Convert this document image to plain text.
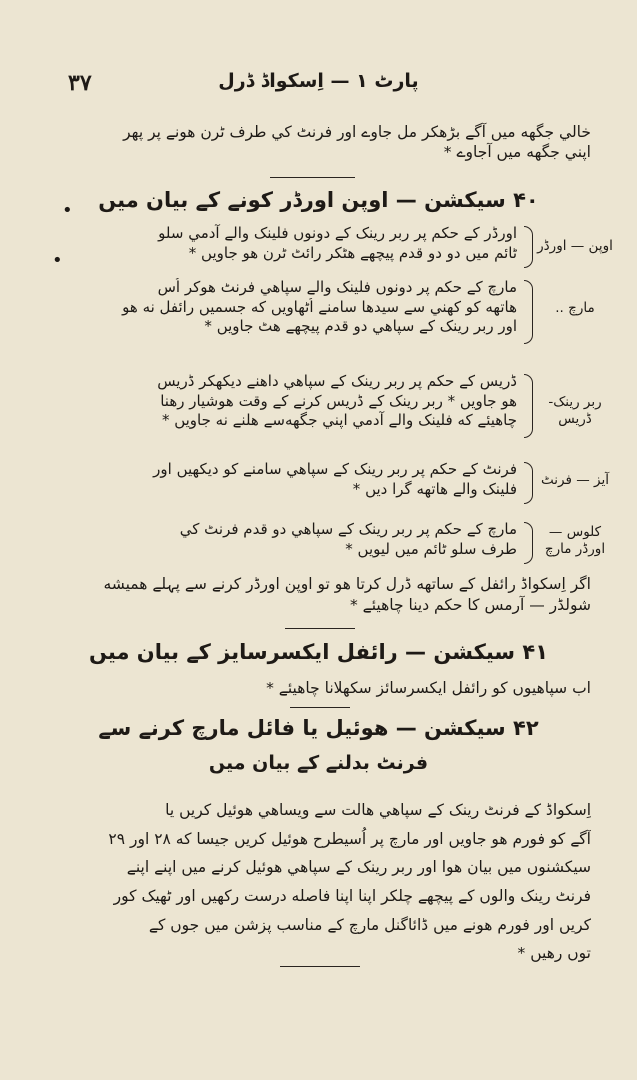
٣٧	پارٹ ١ — اِسکواڈ ڈرل
خالي جگهه ميں آگے بڑهکر مل جاوے اور فرنٹ کي طرف ٹرن هونے پر پهر
اپني جگهه ميں آجاوے *
۴٠ سيکشن — اوپن اورڈر کونے کے بيان ميں
•
•
اوپن — اورڈر
اورڈر کے حکم پر ربر رينک کے دونوں فلينک والے آدمي سلو
ٹائم ميں دو دو قدم پيچهے هٹکر رائٹ ٹرن هو جاويں *
مارچ ..
مارچ کے حکم پر دونوں فلينک والے سپاهي فرنٹ هوکر اُس
هاتهه کو کهني سے سيدها سامنے اُٹهاويں که جسميں رائفل نه هو
اور ربر رينک کے سپاهي دو قدم پيچهے هٹ جاويں *
ربر رينک-ڈريس
ڈريس کے حکم پر ربر رينک کے سپاهي داهنے ديکهکر ڈريس
هو جاويں * ربر رينک کے ڈريس کرنے کے وقت هوشيار رهنا
چاهيئے که فلينک والے آدمي اپني جگهه‌سے هلنے نه جاويں *
آيز — فرنٹ
فرنٹ کے حکم پر ربر رينک کے سپاهي سامنے کو ديکهيں اور
فلينک والے هاتهه گرا ديں *
کلوس — اورڈر مارچ
مارچ کے حکم پر ربر رينک کے سپاهي دو قدم فرنٹ کي
طرف سلو ٹائم ميں ليويں *
اگر اِسکواڈ رائفل کے ساتهه ڈرل کرتا هو تو اوپن اورڈر کرنے سے پہلے هميشه
شولڈر — آرمس کا حکم دينا چاهيئے *
۴١ سيکشن — رائفل ايکسرسايز کے بيان ميں
اب سپاهيوں کو رائفل ايکسرسائز سکهلانا چاهيئے *
۴٢ سيکشن — هوئيل يا فائل مارچ کرنے سے
فرنٹ بدلنے کے بيان ميں
اِسکواڈ کے فرنٹ رينک کے سپاهي هالت سے ويساهي هوئيل کريں يا
آگے کو فورم هو جاويں اور مارچ پر اُسيطرح هوئيل کريں جيسا که ٢٨ اور ٢٩
سيکشنوں ميں بيان هوا اور ربر رينک کے سپاهي هوئيل کرنے ميں اپنے اپنے
فرنٹ رينک والوں کے پيچهے چلکر اپنا اپنا فاصله درست رکهيں اور ٹهيک کور
کريں اور فورم هونے ميں ڈائاگنل مارچ کے مناسب پزشن ميں جوں کے
توں رهيں *
